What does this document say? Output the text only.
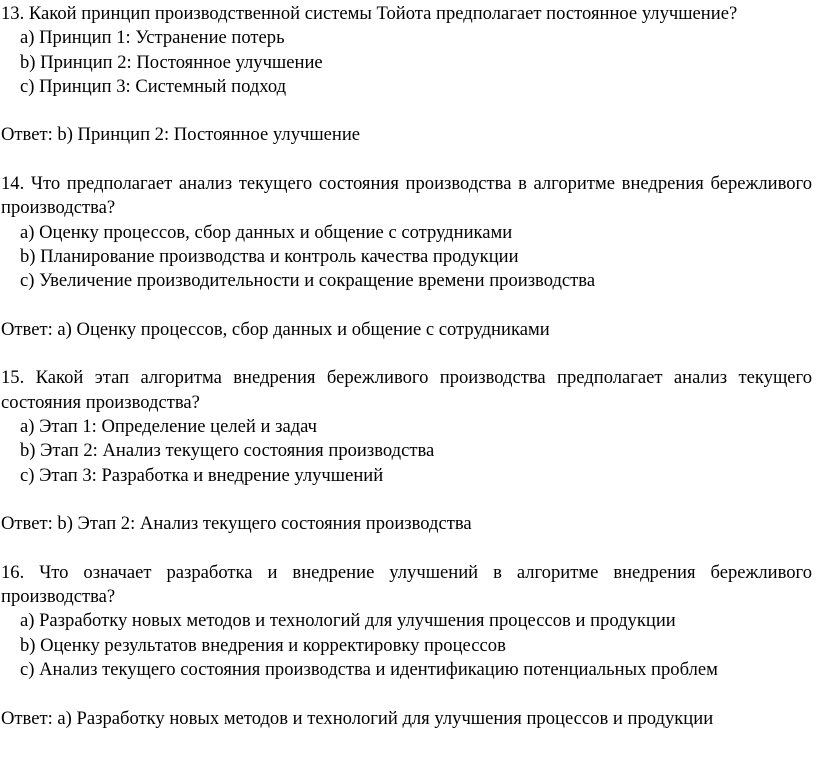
13. Какой принцип производственной системы Тойота предполагает постоянное улучшение?

a) Принцип 1: Устранение потерь
b) Принцип 2: Постоянное улучшение
c) Принцип 3: Системный подход

Ответ: b) Принцип 2: Постоянное улучшение

14. Что предполагает анализ текущего состояния производства в алгоритме внедрения бережливого производства?

a) Оценку процессов, сбор данных и общение с сотрудниками
b) Планирование производства и контроль качества продукции
c) Увеличение производительности и сокращение времени производства

Ответ: a) Оценку процессов, сбор данных и общение с сотрудниками

15. Какой этап алгоритма внедрения бережливого производства предполагает анализ текущего состояния производства?

a) Этап 1: Определение целей и задач
b) Этап 2: Анализ текущего состояния производства
c) Этап 3: Разработка и внедрение улучшений

Ответ: b) Этап 2: Анализ текущего состояния производства

16. Что означает разработка и внедрение улучшений в алгоритме внедрения бережливого производства?

a) Разработку новых методов и технологий для улучшения процессов и продукции
b) Оценку результатов внедрения и корректировку процессов
c) Анализ текущего состояния производства и идентификацию потенциальных проблем

Ответ: a) Разработку новых методов и технологий для улучшения процессов и продукции
